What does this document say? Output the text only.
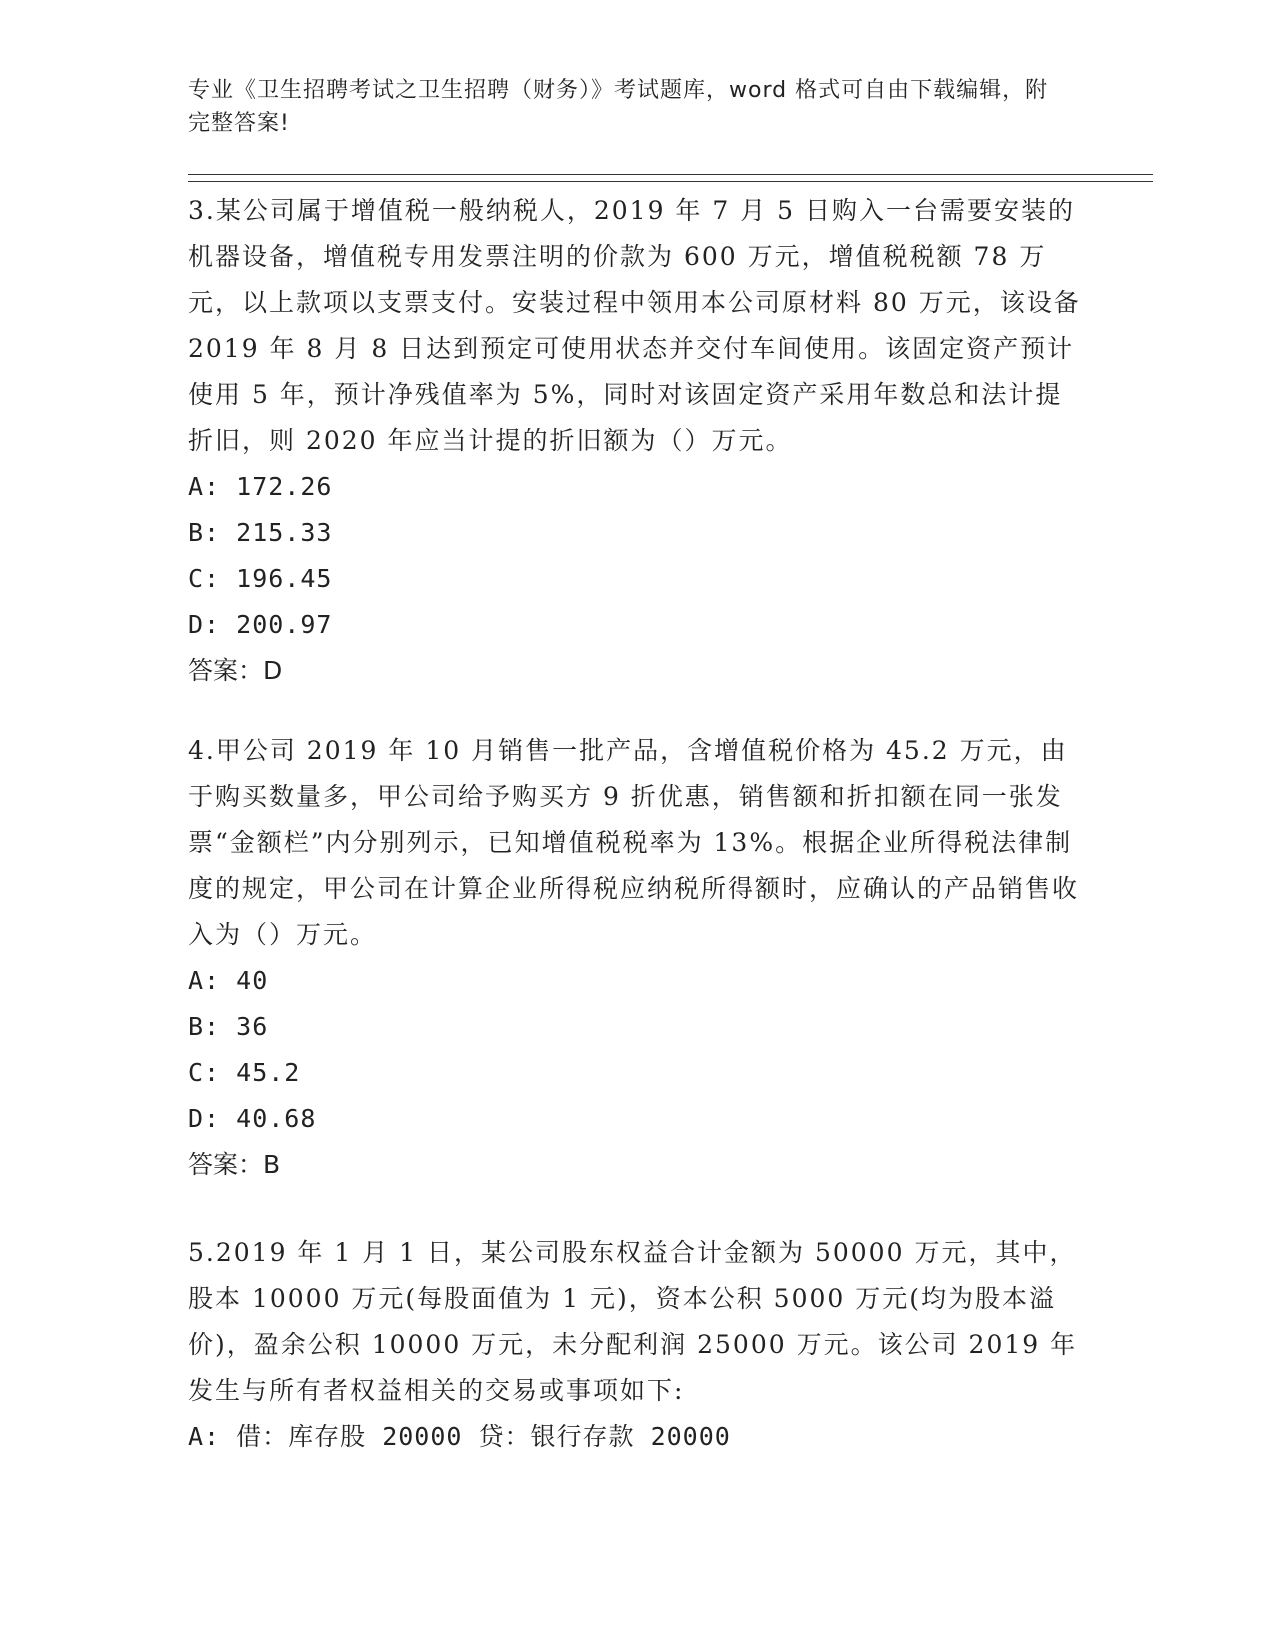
专业《卫生招聘考试之卫生招聘（财务）》考试题库，word 格式可自由下载编辑，附完整答案!

3.某公司属于增值税一般纳税人，2019 年 7 月 5 日购入一台需要安装的机器设备，增值税专用发票注明的价款为 600 万元，增值税税额 78 万元，以上款项以支票支付。安装过程中领用本公司原材料 80 万元，该设备 2019 年 8 月 8 日达到预定可使用状态并交付车间使用。该固定资产预计使用 5 年，预计净残值率为 5%，同时对该固定资产采用年数总和法计提折旧，则 2020 年应当计提的折旧额为（）万元。

A: 172.26

B: 215.33

C: 196.45

D: 200.97

答案：D

4.甲公司 2019 年 10 月销售一批产品，含增值税价格为 45.2 万元，由于购买数量多，甲公司给予购买方 9 折优惠，销售额和折扣额在同一张发票“金额栏”内分别列示，已知增值税税率为 13%。根据企业所得税法律制度的规定，甲公司在计算企业所得税应纳税所得额时，应确认的产品销售收入为（）万元。

A: 40

B: 36

C: 45.2

D: 40.68

答案：B

5.2019 年 1 月 1 日，某公司股东权益合计金额为 50000 万元，其中，股本 10000 万元(每股面值为 1 元)，资本公积 5000 万元(均为股本溢价)，盈余公积 10000 万元，未分配利润 25000 万元。该公司 2019 年发生与所有者权益相关的交易或事项如下:

A: 借：库存股 20000 贷：银行存款 20000
